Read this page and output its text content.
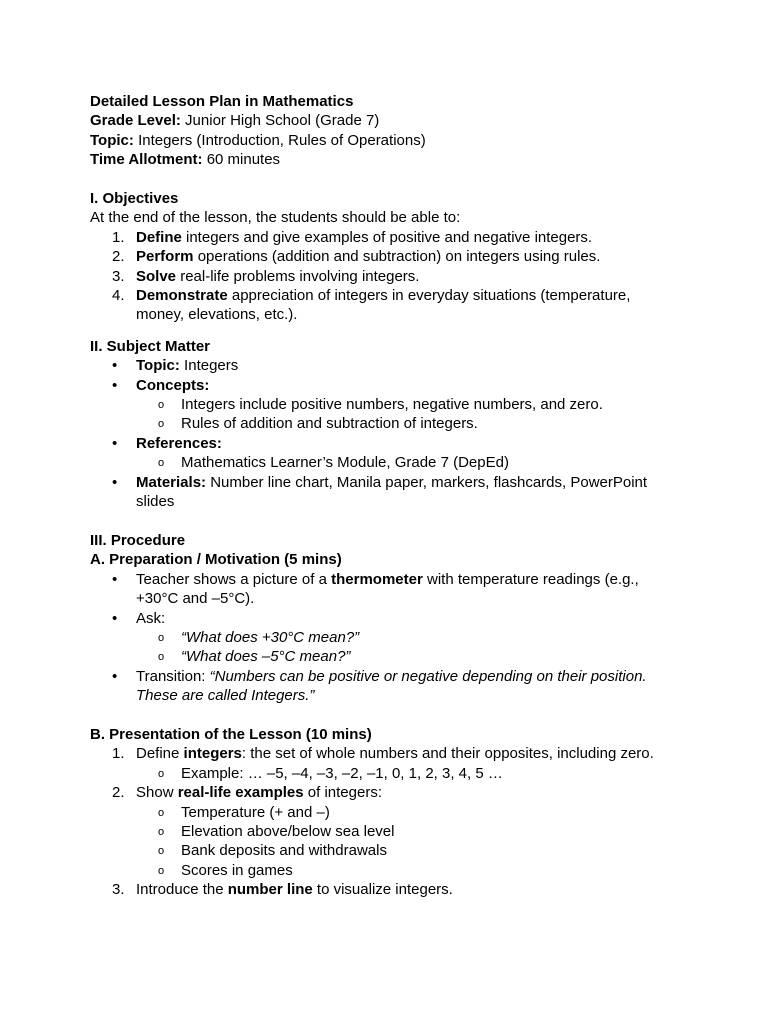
Detailed Lesson Plan in Mathematics
Grade Level: Junior High School (Grade 7)
Topic: Integers (Introduction, Rules of Operations)
Time Allotment: 60 minutes
I. Objectives
At the end of the lesson, the students should be able to:
1. Define integers and give examples of positive and negative integers.
2. Perform operations (addition and subtraction) on integers using rules.
3. Solve real-life problems involving integers.
4. Demonstrate appreciation of integers in everyday situations (temperature, money, elevations, etc.).
II. Subject Matter
• Topic: Integers
• Concepts:
o Integers include positive numbers, negative numbers, and zero.
o Rules of addition and subtraction of integers.
• References:
o Mathematics Learner’s Module, Grade 7 (DepEd)
• Materials: Number line chart, Manila paper, markers, flashcards, PowerPoint slides
III. Procedure
A. Preparation / Motivation (5 mins)
• Teacher shows a picture of a thermometer with temperature readings (e.g., +30°C and –5°C).
• Ask:
o “What does +30°C mean?”
o “What does –5°C mean?”
• Transition: “Numbers can be positive or negative depending on their position. These are called Integers.”
B. Presentation of the Lesson (10 mins)
1. Define integers: the set of whole numbers and their opposites, including zero.
o Example: … –5, –4, –3, –2, –1, 0, 1, 2, 3, 4, 5 …
2. Show real-life examples of integers:
o Temperature (+ and –)
o Elevation above/below sea level
o Bank deposits and withdrawals
o Scores in games
3. Introduce the number line to visualize integers.
